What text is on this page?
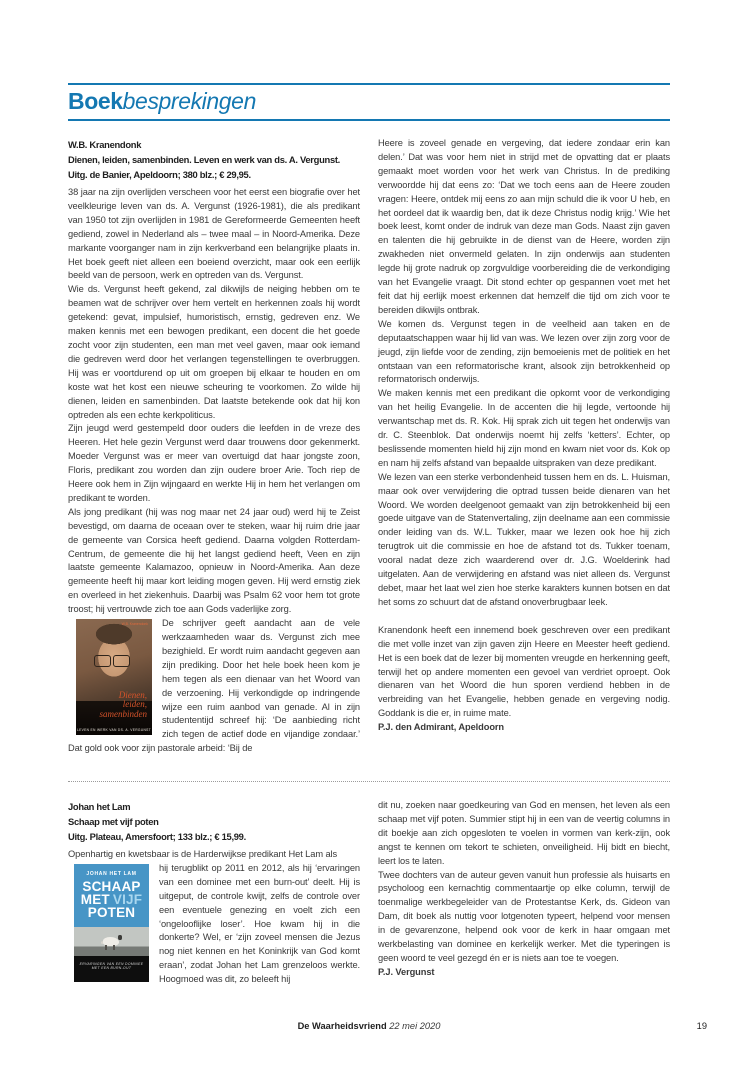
Boekbesprekingen

W.B. Kranendonk

Dienen, leiden, samenbinden. Leven en werk van ds. A. Vergunst.

Uitg. de Banier, Apeldoorn; 380 blz.; € 29,95.

38 jaar na zijn overlijden verscheen voor het eerst een biografie over het veelkleurige leven van ds. A. Vergunst (1926-1981), die als predikant van 1950 tot zijn overlijden in 1981 de Gereformeerde Gemeenten heeft gediend, zowel in Nederland als – twee maal – in Noord-Amerika. Deze markante voorganger nam in zijn kerkverband een belangrijke plaats in. Het boek geeft niet alleen een boeiend overzicht, maar ook een eerlijk beeld van de persoon, werk en optreden van ds. Vergunst.

Wie ds. Vergunst heeft gekend, zal dikwijls de neiging hebben om te beamen wat de schrijver over hem vertelt en herkennen zoals hij wordt getekend: gevat, impulsief, humoristisch, ernstig, gedreven enz. We maken kennis met een bewogen predikant, een docent die het goede zocht voor zijn studenten, een man met veel gaven, maar ook iemand die gedreven werd door het verlangen tegenstellingen te overbruggen. Hij was er voortdurend op uit om groepen bij elkaar te houden en om koste wat het kost een nieuwe scheuring te voorkomen. Zo wilde hij dienen, leiden en samenbinden. Dat laatste betekende ook dat hij kon optreden als een echte kerkpoliticus.

Zijn jeugd werd gestempeld door ouders die leefden in de vreze des Heeren. Het hele gezin Vergunst werd daar trouwens door gekenmerkt. Moeder Vergunst was er meer van overtuigd dat haar jongste zoon, Floris, predikant zou worden dan zijn oudere broer Arie. Toch riep de Heere ook hem in Zijn wijngaard en werkte Hij in hem het verlangen om predikant te worden.

Als jong predikant (hij was nog maar net 24 jaar oud) werd hij te Zeist bevestigd, om daarna de oceaan over te steken, waar hij ruim drie jaar de gemeente van Corsica heeft gediend. Daarna volgden Rotterdam-Centrum, de gemeente die hij het langst gediend heeft, Veen en zijn laatste gemeente Kalamazoo, opnieuw in Noord-Amerika. Aan deze gemeente heeft hij maar kort leiding mogen geven. Hij werd ernstig ziek en overleed in het ziekenhuis. Daarbij was Psalm 62 voor hem tot grote troost; hij vertrouwde zich toe aan Gods vaderlijke zorg.

W.B. Kranendonk
Dienen,
leiden,
samenbinden
LEVEN EN WERK VAN DS. A. VERGUNST

De schrijver geeft aandacht aan de vele werkzaamheden waar ds. Vergunst zich mee bezighield. Er wordt ruim aandacht gegeven aan zijn prediking. Door het hele boek heen kom je hem tegen als een dienaar van het Woord van de verzoening. Hij verkondigde op indringende wijze een ruim aanbod van genade. Al in zijn studententijd schreef hij: ‘De aanbieding richt zich tegen de actief dode en vijandige zondaar.’ Dat gold ook voor zijn pastorale arbeid: ‘Bij de

Heere is zoveel genade en vergeving, dat iedere zondaar erin kan delen.’ Dat was voor hem niet in strijd met de opvatting dat er plaats gemaakt moet worden voor het werk van Christus. In de prediking verwoordde hij dat eens zo: ‘Dat we toch eens aan de Heere zouden vragen: Heere, ontdek mij eens zo aan mijn schuld die ik voor U heb, en het oordeel dat ik waardig ben, dat ik deze Christus nodig krijg.’ Wie het boek leest, komt onder de indruk van deze man Gods. Naast zijn gaven en talenten die hij gebruikte in de dienst van de Heere, worden zijn zwakheden niet onvermeld gelaten. In zijn onderwijs aan studenten legde hij grote nadruk op zorgvuldige voorbereiding die de verkondiging van het Evangelie vraagt. Dit stond echter op gespannen voet met het feit dat hij eerlijk moest erkennen dat hemzelf die tijd om zich voor te bereiden dikwijls ontbrak.

We komen ds. Vergunst tegen in de veelheid aan taken en de deputaatschappen waar hij lid van was. We lezen over zijn zorg voor de jeugd, zijn liefde voor de zending, zijn bemoeienis met de politiek en het ontstaan van een reformatorische krant, alsook zijn betrokkenheid op reformatorisch onderwijs.

We maken kennis met een predikant die opkomt voor de verkondiging van het heilig Evangelie. In de accenten die hij legde, vertoonde hij verwantschap met ds. R. Kok. Hij sprak zich uit tegen het onderwijs van dr. C. Steenblok. Dat onderwijs noemt hij zelfs ‘ketters’. Echter, op beslissende momenten hield hij zijn mond en kwam niet voor ds. Kok op en nam hij zelfs afstand van bepaalde uitspraken van deze predikant.

We lezen van een sterke verbondenheid tussen hem en ds. L. Huisman, maar ook over verwijdering die optrad tussen beide dienaren van het Woord. We worden deelgenoot gemaakt van zijn betrokkenheid bij een goede uitgave van de Statenvertaling, zijn deelname aan een commissie onder leiding van ds. W.L. Tukker, maar we lezen ook hoe hij zich terugtrok uit die commissie en hoe de afstand tot ds. Tukker toenam, vooral nadat deze zich waarderend over dr. J.G. Woelderink had uitgelaten. Aan de verwijdering en afstand was niet alleen ds. Vergunst debet, maar het laat wel zien hoe sterke karakters kunnen botsen en dat het soms zo schuurt dat de afstand onoverbrugbaar leek.

Kranendonk heeft een innemend boek geschreven over een predikant die met volle inzet van zijn gaven zijn Heere en Meester heeft gediend. Het is een boek dat de lezer bij momenten vreugde en herkenning geeft, terwijl het op andere momenten een gevoel van verdriet oproept. Ook dienaren van het Woord die hun sporen verdiend hebben in de verbreiding van het Evangelie, hebben genade en vergeving nodig. Goddank is die er, in ruime mate.

P.J. den Admirant, Apeldoorn

Johan het Lam

Schaap met vijf poten

Uitg. Plateau, Amersfoort; 133 blz.; € 15,99.

Openhartig en kwetsbaar is de Harderwijkse predikant Het Lam als

JOHAN HET LAM
SCHAAP
MET VIJF
POTEN
ERVARINGEN VAN EEN DOMINEE
MET EEN BURN-OUT

hij terugblikt op 2011 en 2012, als hij ‘ervaringen van een dominee met een burn-out’ deelt. Hij is uitgeput, de controle kwijt, zelfs de controle over een eventuele genezing en voelt zich een ‘ongelooflijke loser’. Hoe kwam hij in die donkerte? Wel, er ‘zijn zoveel mensen die Jezus nog niet kennen en het Koninkrijk van God komt eraan’, zodat Johan het Lam grenzeloos werkte. Hoogmoed was dit, zo beleeft hij

dit nu, zoeken naar goedkeuring van God en mensen, het leven als een schaap met vijf poten. Summier stipt hij in een van de veertig columns in dit boekje aan zich opgesloten te voelen in vormen van kerk-zijn, ook angst te kennen om tekort te schieten, onveiligheid. Hij bidt en biecht, leert los te laten.

Twee dochters van de auteur geven vanuit hun professie als huisarts en psycholoog een kernachtig commentaartje op elke column, terwijl de toenmalige werkbegeleider van de Protestantse Kerk, ds. Gideon van Dam, dit boek als nuttig voor lotgenoten typeert, helpend voor mensen in de gevarenzone, helpend ook voor de kerk in haar omgaan met werkbelasting van dominee en kerkelijk werker. Met die typeringen is geen woord te veel gezegd én er is niets aan toe te voegen.

P.J. Vergunst

De Waarheidsvriend 22 mei 2020	19
